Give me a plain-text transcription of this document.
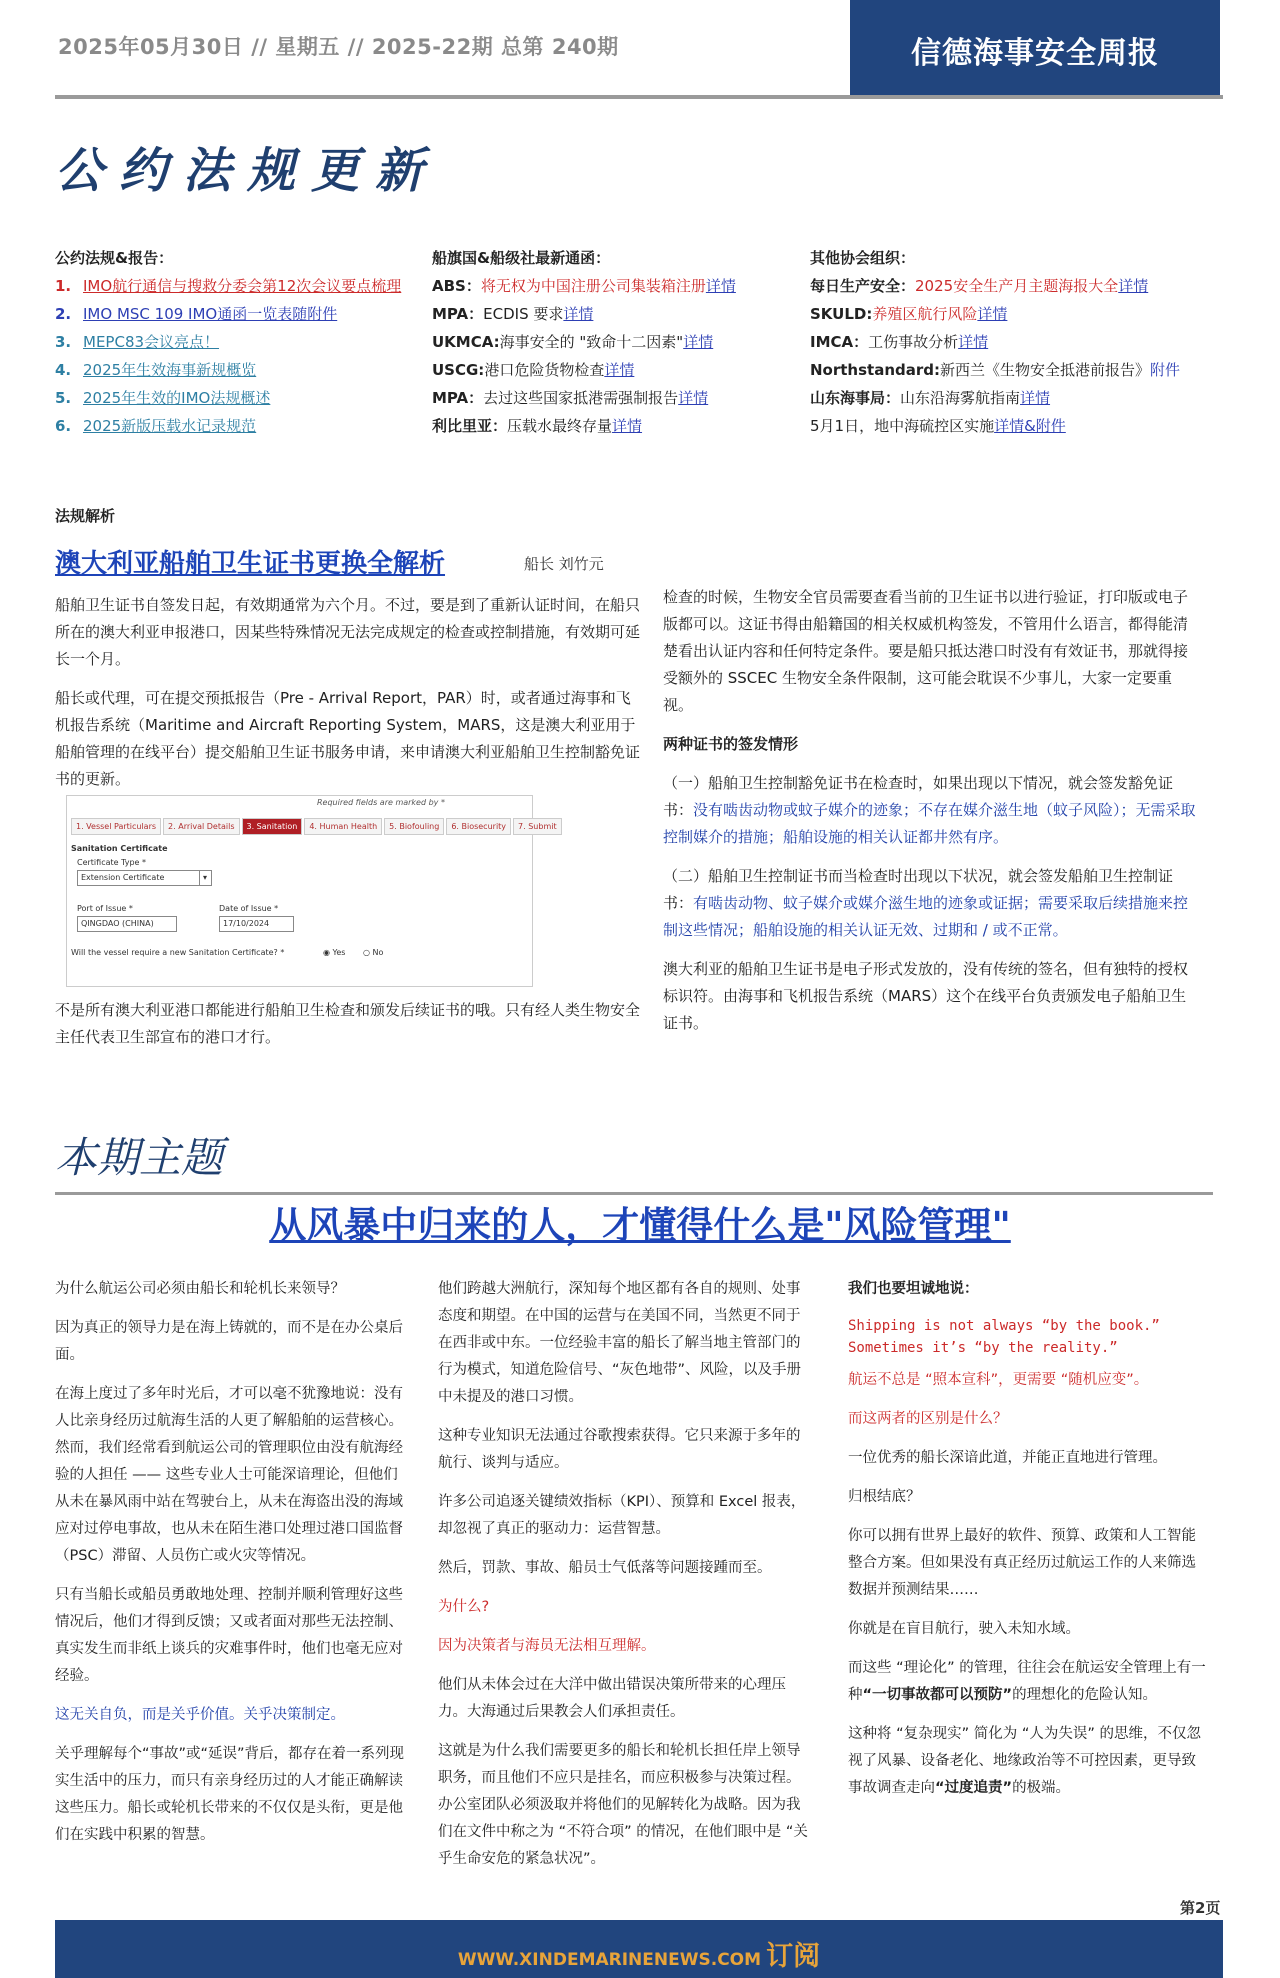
2025年05月30日 // 星期五 // 2025-22期 总第 240期	信德海事安全周报
公约法规更新
公约法规&报告：
1. IMO航行通信与搜救分委会第12次会议要点梳理
2. IMO MSC 109 IMO通函一览表随附件
3. MEPC83会议亮点！
4. 2025年生效海事新规概览
5. 2025年生效的IMO法规概述
6. 2025新版压载水记录规范
船旗国&船级社最新通函：
ABS：将无权为中国注册公司集装箱注册详情
MPA：ECDIS 要求详情
UKMCA:海事安全的 "致命十二因素"详情
USCG:港口危险货物检查详情
MPA：去过这些国家抵港需强制报告详情
利比里亚：压载水最终存量详情
其他协会组织：
每日生产安全：2025安全生产月主题海报大全详情
SKULD:养殖区航行风险详情
IMCA：工伤事故分析详情
Northstandard:新西兰《生物安全抵港前报告》附件
山东海事局：山东沿海雾航指南详情
5月1日，地中海硫控区实施详情&附件
法规解析
澳大利亚船舶卫生证书更换全解析	船长 刘竹元

船舶卫生证书自签发日起，有效期通常为六个月。不过，要是到了重新认证时间，在船只所在的澳大利亚申报港口，因某些特殊情况无法完成规定的检查或控制措施，有效期可延长一个月。

船长或代理，可在提交预抵报告（Pre - Arrival Report，PAR）时，或者通过海事和飞机报告系统（Maritime and Aircraft Reporting System，MARS，这是澳大利亚用于船舶管理的在线平台）提交船舶卫生证书服务申请，来申请澳大利亚船舶卫生控制豁免证书的更新。

Required fields are marked by *
1. Vessel Particulars	2. Arrival Details	3. Sanitation	4. Human Health	5. Biofouling	6. Biosecurity	7. Submit
Sanitation Certificate
Certificate Type *
Extension Certificate	▾
Port of Issue *
QINGDAO (CHINA)
Date of Issue *
17/10/2024
Will the vessel require a new Sanitation Certificate? *	◉ Yes ○ No

不是所有澳大利亚港口都能进行船舶卫生检查和颁发后续证书的哦。只有经人类生物安全主任代表卫生部宣布的港口才行。

检查的时候，生物安全官员需要查看当前的卫生证书以进行验证，打印版或电子版都可以。这证书得由船籍国的相关权威机构签发，不管用什么语言，都得能清楚看出认证内容和任何特定条件。要是船只抵达港口时没有有效证书，那就得接受额外的 SSCEC 生物安全条件限制，这可能会耽误不少事儿，大家一定要重视。

两种证书的签发情形

（一）船舶卫生控制豁免证书在检查时，如果出现以下情况，就会签发豁免证书：没有啮齿动物或蚊子媒介的迹象；不存在媒介滋生地（蚊子风险）；无需采取控制媒介的措施；船舶设施的相关认证都井然有序。

（二）船舶卫生控制证书而当检查时出现以下状况，就会签发船舶卫生控制证书：有啮齿动物、蚊子媒介或媒介滋生地的迹象或证据；需要采取后续措施来控制这些情况；船舶设施的相关认证无效、过期和 / 或不正常。

澳大利亚的船舶卫生证书是电子形式发放的，没有传统的签名，但有独特的授权标识符。由海事和飞机报告系统（MARS）这个在线平台负责颁发电子船舶卫生证书。

本期主题
从风暴中归来的人，才懂得什么是"风险管理"

为什么航运公司必须由船长和轮机长来领导？

因为真正的领导力是在海上铸就的，而不是在办公桌后面。

在海上度过了多年时光后，才可以毫不犹豫地说：没有人比亲身经历过航海生活的人更了解船舶的运营核心。然而，我们经常看到航运公司的管理职位由没有航海经验的人担任 —— 这些专业人士可能深谙理论，但他们从未在暴风雨中站在驾驶台上，从未在海盗出没的海域应对过停电事故，也从未在陌生港口处理过港口国监督（PSC）滞留、人员伤亡或火灾等情况。

只有当船长或船员勇敢地处理、控制并顺利管理好这些情况后，他们才得到反馈；又或者面对那些无法控制、真实发生而非纸上谈兵的灾难事件时，他们也毫无应对经验。

这无关自负，而是关乎价值。关乎决策制定。

关乎理解每个“事故”或“延误”背后，都存在着一系列现实生活中的压力，而只有亲身经历过的人才能正确解读这些压力。船长或轮机长带来的不仅仅是头衔，更是他们在实践中积累的智慧。

他们跨越大洲航行，深知每个地区都有各自的规则、处事态度和期望。在中国的运营与在美国不同，当然更不同于在西非或中东。一位经验丰富的船长了解当地主管部门的行为模式，知道危险信号、“灰色地带”、风险，以及手册中未提及的港口习惯。

这种专业知识无法通过谷歌搜索获得。它只来源于多年的航行、谈判与适应。

许多公司追逐关键绩效指标（KPI）、预算和 Excel 报表，却忽视了真正的驱动力：运营智慧。

然后，罚款、事故、船员士气低落等问题接踵而至。

为什么?

因为决策者与海员无法相互理解。

他们从未体会过在大洋中做出错误决策所带来的心理压力。大海通过后果教会人们承担责任。

这就是为什么我们需要更多的船长和轮机长担任岸上领导职务，而且他们不应只是挂名，而应积极参与决策过程。办公室团队必须汲取并将他们的见解转化为战略。因为我们在文件中称之为 “不符合项” 的情况，在他们眼中是 “关乎生命安危的紧急状况”。

我们也要坦诚地说：

Shipping is not always “by the book.”
Sometimes it’s “by the reality.”

航运不总是 “照本宣科”，更需要 “随机应变”。

而这两者的区别是什么？

一位优秀的船长深谙此道，并能正直地进行管理。

归根结底？

你可以拥有世界上最好的软件、预算、政策和人工智能整合方案。但如果没有真正经历过航运工作的人来筛选数据并预测结果……

你就是在盲目航行，驶入未知水域。

而这些 “理论化” 的管理，往往会在航运安全管理上有一种“一切事故都可以预防”的理想化的危险认知。

这种将 “复杂现实” 简化为 “人为失误” 的思维，不仅忽视了风暴、设备老化、地缘政治等不可控因素，更导致事故调查走向“过度追责”的极端。

第2页
WWW.XINDEMARINENEWS.COM 订阅
